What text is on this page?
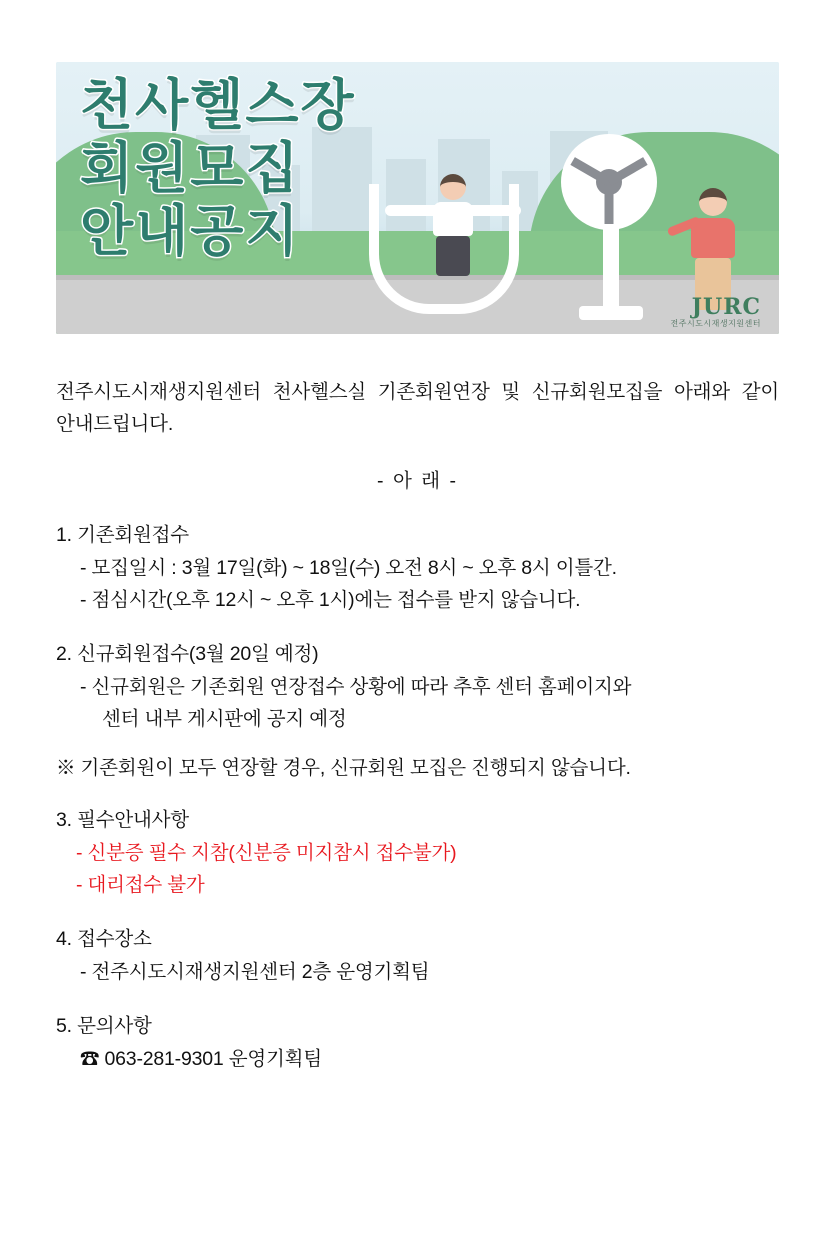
천사헬스장
회원모집
안내공지
JURC
전주시도시재생지원센터

전주시도시재생지원센터 천사헬스실 기존회원연장 및 신규회원모집을 아래와 같이 안내드립니다.

- 아 래 -
1. 기존회원접수
- 모집일시 : 3월 17일(화) ~ 18일(수) 오전 8시 ~ 오후 8시 이틀간.
- 점심시간(오후 12시 ~ 오후 1시)에는 접수를 받지 않습니다.
2. 신규회원접수(3월 20일 예정)
- 신규회원은 기존회원 연장접수 상황에 따라 추후 센터 홈페이지와
센터 내부 게시판에 공지 예정
※ 기존회원이 모두 연장할 경우, 신규회원 모집은 진행되지 않습니다.
3. 필수안내사항
- 신분증 필수 지참(신분증 미지참시 접수불가)
- 대리접수 불가
4. 접수장소
- 전주시도시재생지원센터 2층 운영기획팀
5. 문의사항
☎ 063-281-9301 운영기획팀
